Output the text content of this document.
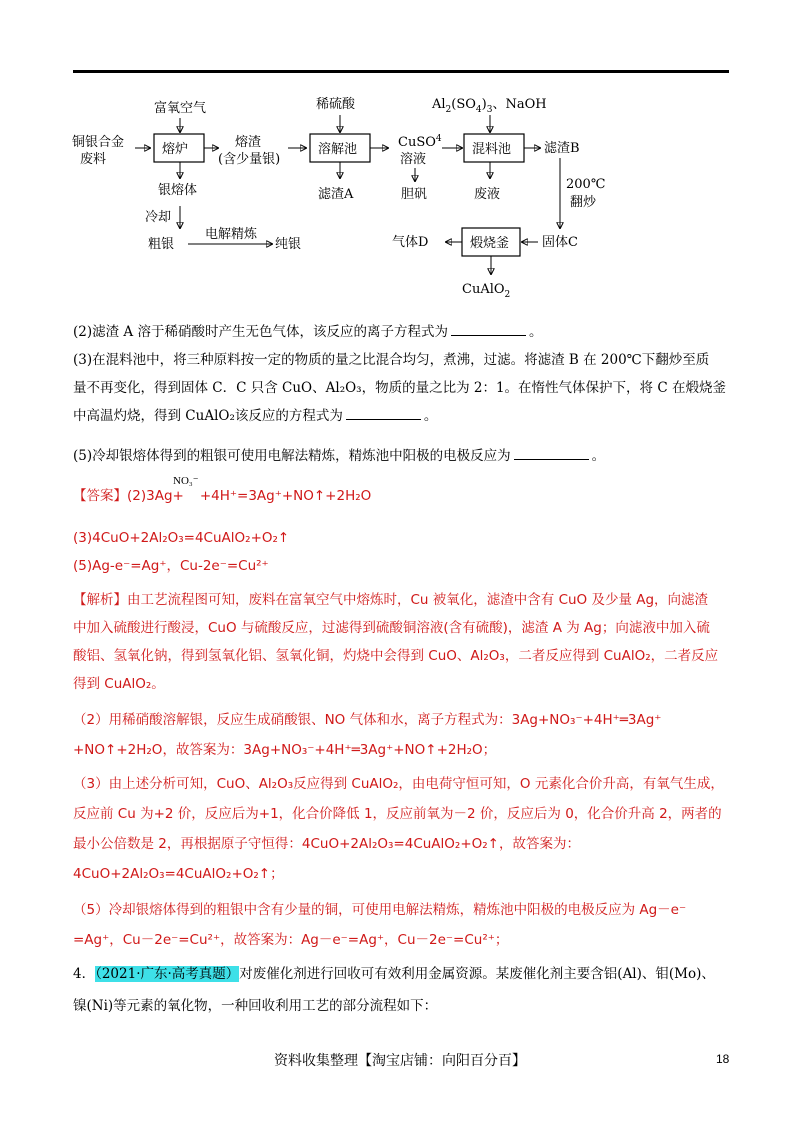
铜银合金
废料
富氧空气
熔炉
银熔体
冷却
粗银
电解精炼
纯银
熔渣
(含少量银)
稀硫酸
溶解池
滤渣A
CuSO$^4$
溶液
胆矾
$Al_2(SO_4)_3$、NaOH
混料池
废液
滤渣B
200℃
翻炒
固体C
煅烧釜
气体D
CuAlO$_2$
(2)滤渣 A 溶于稀硝酸时产生无色气体，该反应的离子方程式为	。
(3)在混料池中，将三种原料按一定的物质的量之比混合均匀，煮沸，过滤。将滤渣 B 在 200℃下翻炒至质
量不再变化，得到固体 C．C 只含 CuO、Al₂O₃，物质的量之比为 2：1。在惰性气体保护下，将 C 在煅烧釜
中高温灼烧，得到 CuAlO₂该反应的方程式为	。
(5)冷却银熔体得到的粗银可使用电解法精炼，精炼池中阳极的电极反应为	。
NO₃⁻
【答案】(2)3Ag+ +4H⁺=3Ag⁺+NO↑+2H₂O
(3)4CuO+2Al₂O₃=4CuAlO₂+O₂↑
(5)Ag-e⁻=Ag⁺，Cu-2e⁻=Cu²⁺
【解析】由工艺流程图可知，废料在富氧空气中熔炼时，Cu 被氧化，滤渣中含有 CuO 及少量 Ag，向滤渣
中加入硫酸进行酸浸，CuO 与硫酸反应，过滤得到硫酸铜溶液(含有硫酸)，滤渣 A 为 Ag；向滤液中加入硫
酸铝、氢氧化钠，得到氢氧化铝、氢氧化铜，灼烧中会得到 CuO、Al₂O₃，二者反应得到 CuAlO₂，二者反应
得到 CuAlO₂。
（2）用稀硝酸溶解银，反应生成硝酸银、NO 气体和水，离子方程式为：3Ag+NO₃⁻+4H⁺═3Ag⁺
+NO↑+2H₂O，故答案为：3Ag+NO₃⁻+4H⁺═3Ag⁺+NO↑+2H₂O；
（3）由上述分析可知，CuO、Al₂O₃反应得到 CuAlO₂，由电荷守恒可知，O 元素化合价升高，有氧气生成，
反应前 Cu 为+2 价，反应后为+1，化合价降低 1，反应前氧为－2 价，反应后为 0，化合价升高 2，两者的
最小公倍数是 2，再根据原子守恒得：4CuO+2Al₂O₃=4CuAlO₂+O₂↑，故答案为：
4CuO+2Al₂O₃=4CuAlO₂+O₂↑；
（5）冷却银熔体得到的粗银中含有少量的铜，可使用电解法精炼，精炼池中阳极的电极反应为 Ag－e⁻
=Ag⁺，Cu－2e⁻=Cu²⁺，故答案为：Ag－e⁻=Ag⁺，Cu－2e⁻=Cu²⁺；
4．（2021·广东·高考真题）对废催化剂进行回收可有效利用金属资源。某废催化剂主要含铝(Al)、钼(Mo)、
镍(Ni)等元素的氧化物，一种回收利用工艺的部分流程如下：
资料收集整理【淘宝店铺：向阳百分百】	18
